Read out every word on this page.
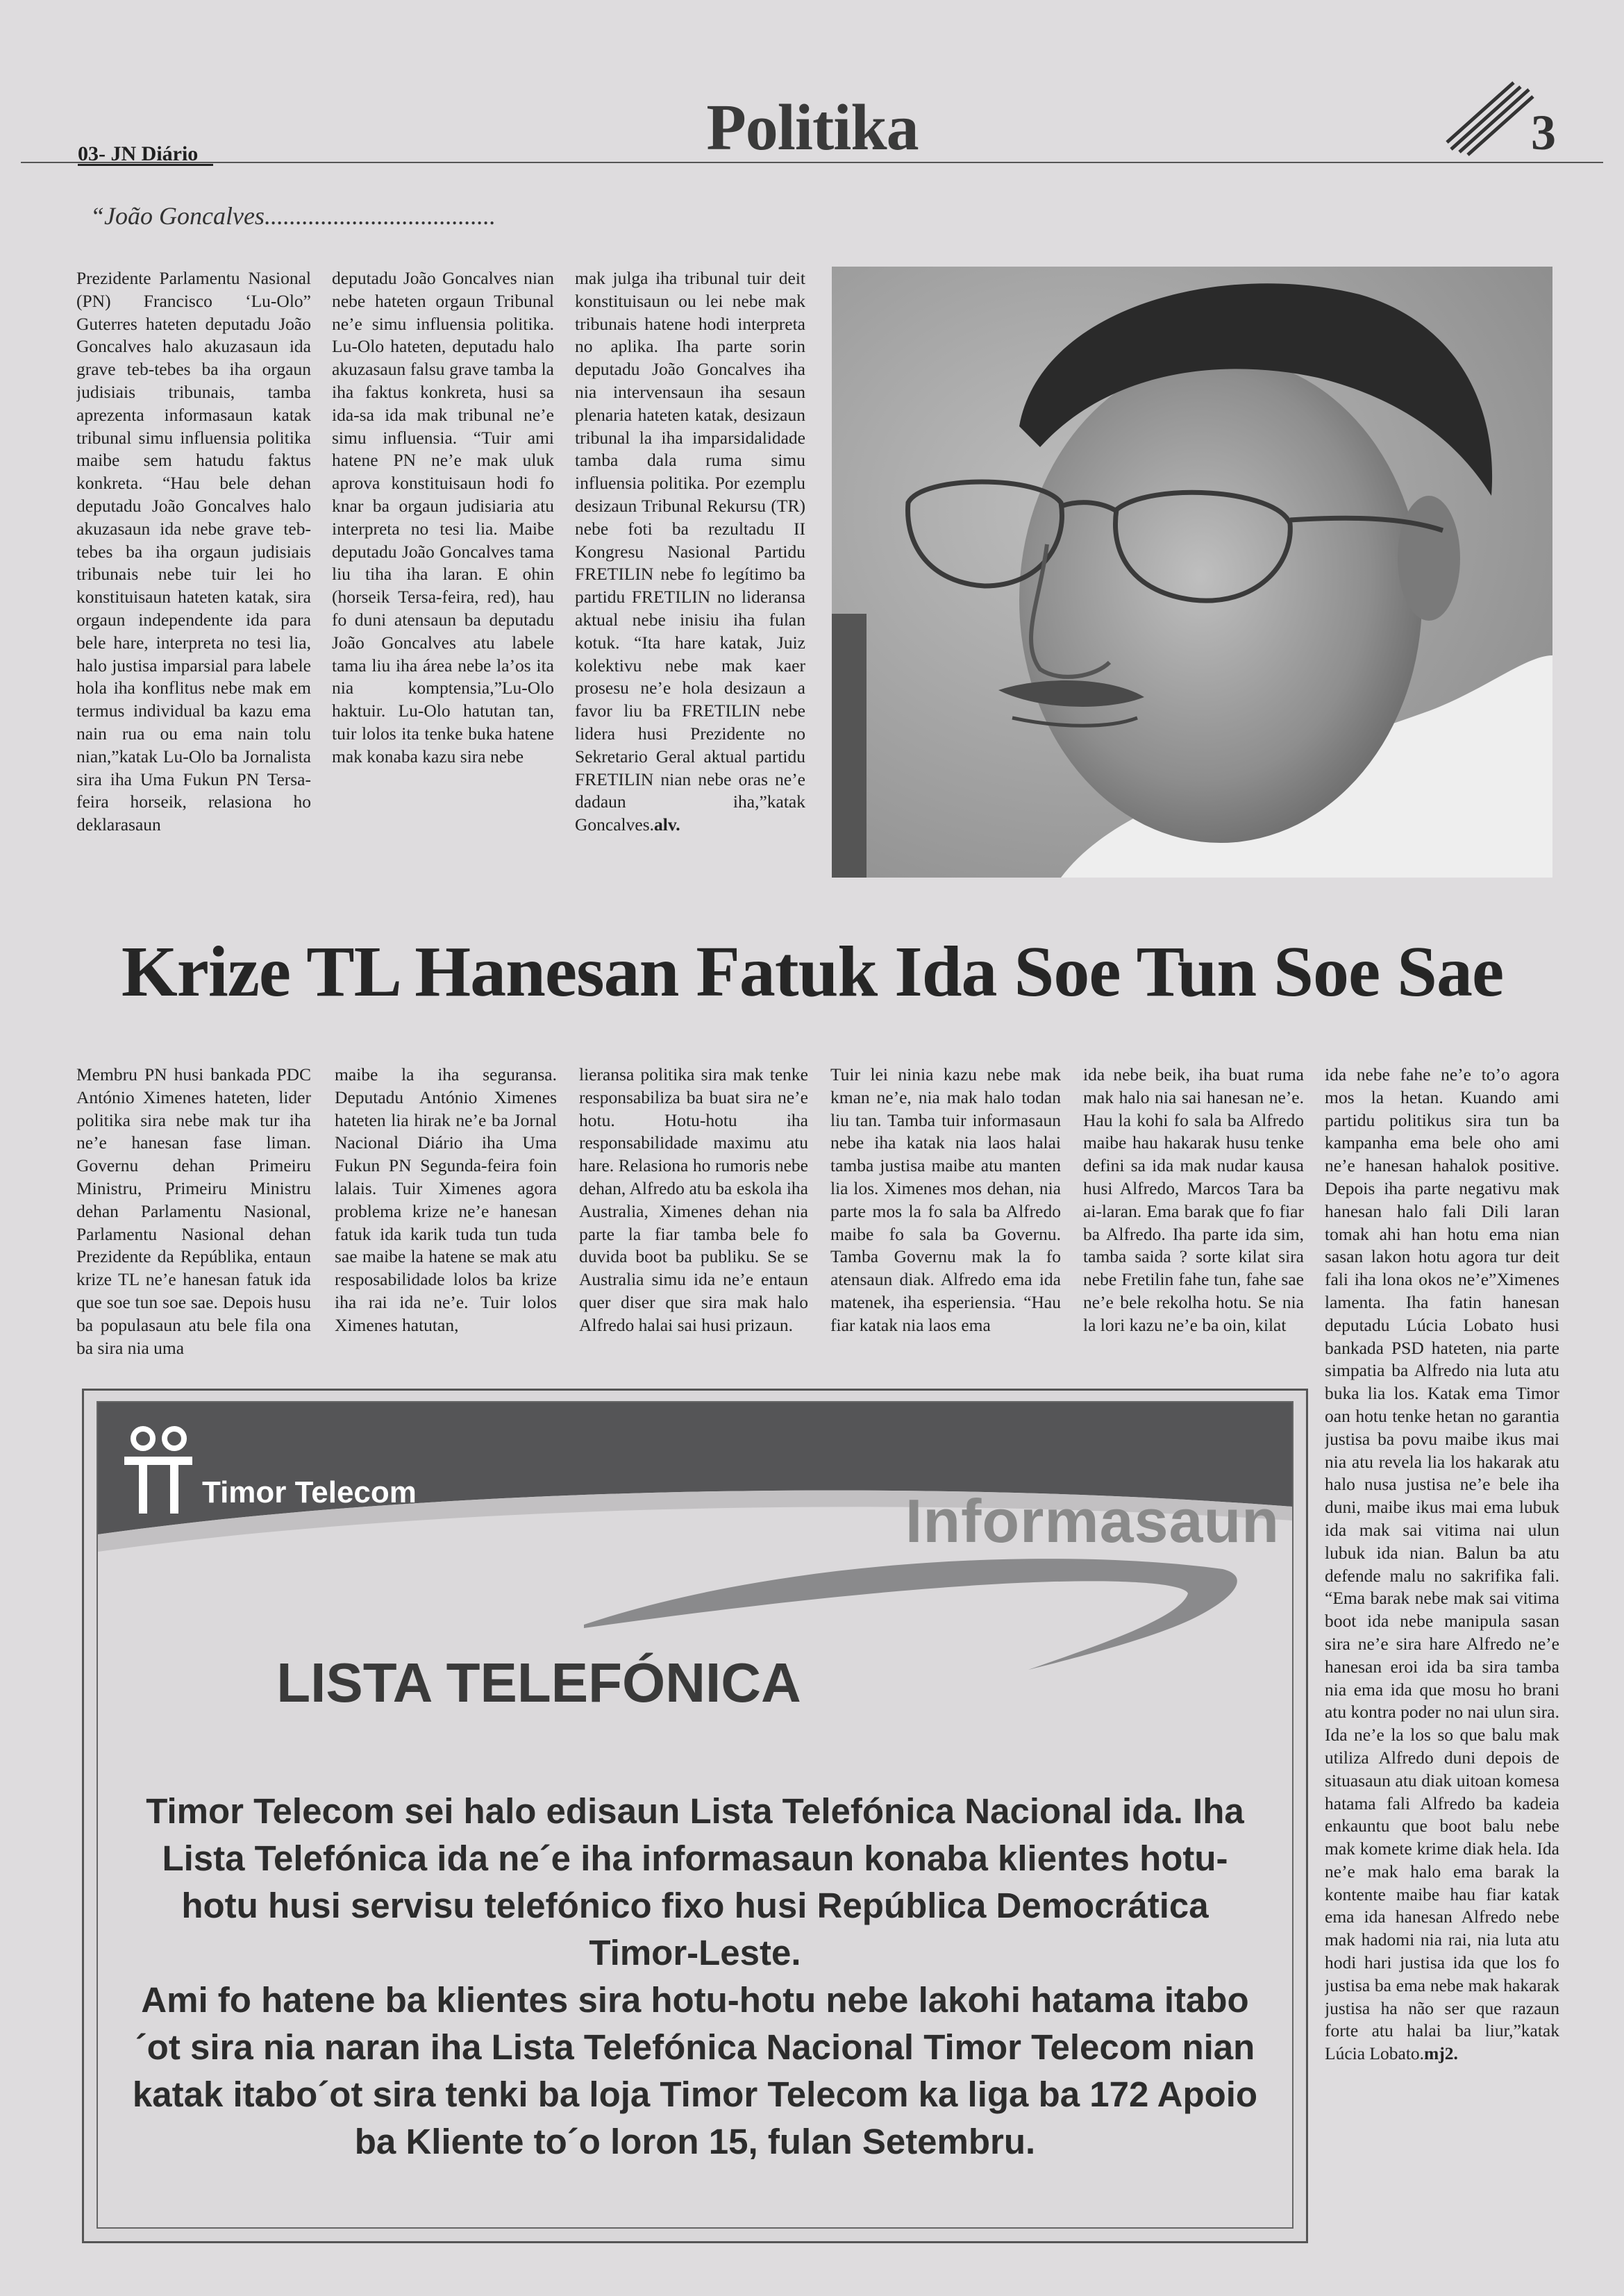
03- JN Diário	Politika	3
“João Goncalves.....................................

Prezidente Parlamentu Nasional (PN) Francisco ‘Lu-Olo” Guterres hateten deputadu João Goncalves halo akuzasaun ida grave teb-tebes ba iha orgaun judisiais tribunais, tamba aprezenta informasaun katak tribunal simu influensia politika maibe sem hatudu faktus konkreta. “Hau bele dehan deputadu João Goncalves halo akuzasaun ida nebe grave teb-tebes ba iha orgaun judisiais tribunais nebe tuir lei ho konstituisaun hateten katak, sira orgaun independente ida para bele hare, interpreta no tesi lia, halo justisa imparsial para labele hola iha konflitus nebe mak em termus individual ba kazu ema nain rua ou ema nain tolu nian,”katak Lu-Olo ba Jornalista sira iha Uma Fukun PN Tersa-feira horseik, relasiona ho deklarasaun

deputadu João Goncalves nian nebe hateten orgaun Tribunal ne’e simu influensia politika. Lu-Olo hateten, deputadu halo akuzasaun falsu grave tamba la iha faktus konkreta, husi sa ida-sa ida mak tribunal ne’e simu influensia. “Tuir ami hatene PN ne’e mak uluk aprova konstituisaun hodi fo knar ba orgaun judisiaria atu interpreta no tesi lia. Maibe deputadu João Goncalves tama liu tiha iha laran. E ohin (horseik Tersa-feira, red), hau fo duni atensaun ba deputadu João Goncalves atu labele tama liu iha área nebe la’os ita nia komptensia,”Lu-Olo haktuir. Lu-Olo hatutan tan, tuir lolos ita tenke buka hatene mak konaba kazu sira nebe

mak julga iha tribunal tuir deit konstituisaun ou lei nebe mak tribunais hatene hodi interpreta no aplika. Iha parte sorin deputadu João Goncalves iha nia intervensaun iha sesaun plenaria hateten katak, desizaun tribunal la iha imparsidalidade tamba dala ruma simu influensia politika. Por ezemplu desizaun Tribunal Rekursu (TR) nebe foti ba rezultadu II Kongresu Nasional Partidu FRETILIN nebe fo legítimo ba partidu FRETILIN no lideransa aktual nebe inisiu iha fulan kotuk. “Ita hare katak, Juiz kolektivu nebe mak kaer prosesu ne’e hola desizaun a favor liu ba FRETILIN nebe lidera husi Prezidente no Sekretario Geral aktual partidu FRETILIN nian nebe oras ne’e dadaun iha,”katak Goncalves.alv.

Krize TL Hanesan Fatuk Ida Soe Tun Soe Sae

Membru PN husi bankada PDC António Ximenes hateten, lider politika sira nebe mak tur iha ne’e hanesan fase liman. Governu dehan Primeiru Ministru, Primeiru Ministru dehan Parlamentu Nasional, Parlamentu Nasional dehan Prezidente da Repúblika, entaun krize TL ne’e hanesan fatuk ida que soe tun soe sae. Depois husu ba populasaun atu bele fila ona ba sira nia uma

maibe la iha seguransa. Deputadu António Ximenes hateten lia hirak ne’e ba Jornal Nacional Diário iha Uma Fukun PN Segunda-feira foin lalais. Tuir Ximenes agora problema krize ne’e hanesan fatuk ida karik tuda tun tuda sae maibe la hatene se mak atu resposabilidade lolos ba krize iha rai ida ne’e. Tuir lolos Ximenes hatutan,

lieransa politika sira mak tenke responsabiliza ba buat sira ne’e hotu. Hotu-hotu iha responsabilidade maximu atu hare. Relasiona ho rumoris nebe dehan, Alfredo atu ba eskola iha Australia, Ximenes dehan nia parte la fiar tamba bele fo duvida boot ba publiku. Se se Australia simu ida ne’e entaun quer diser que sira mak halo Alfredo halai sai husi prizaun.

Tuir lei ninia kazu nebe mak kman ne’e, nia mak halo todan liu tan. Tamba tuir informasaun nebe iha katak nia laos halai tamba justisa maibe atu manten lia los. Ximenes mos dehan, nia parte mos la fo sala ba Alfredo maibe fo sala ba Governu. Tamba Governu mak la fo atensaun diak. Alfredo ema ida matenek, iha esperiensia. “Hau fiar katak nia laos ema

ida nebe beik, iha buat ruma mak halo nia sai hanesan ne’e. Hau la kohi fo sala ba Alfredo maibe hau hakarak husu tenke defini sa ida mak nudar kausa husi Alfredo, Marcos Tara ba ai-laran. Ema barak que fo fiar ba Alfredo. Iha parte ida sim, tamba saida ? sorte kilat sira nebe Fretilin fahe tun, fahe sae ne’e bele rekolha hotu. Se nia la lori kazu ne’e ba oin, kilat

ida nebe fahe ne’e to’o agora mos la hetan. Kuando ami partidu politikus sira tun ba kampanha ema bele oho ami ne’e hanesan hahalok positive. Depois iha parte negativu mak hanesan halo fali Dili laran tomak ahi han hotu ema nian sasan lakon hotu agora tur deit fali iha lona okos ne’e”Ximenes lamenta. Iha fatin hanesan deputadu Lúcia Lobato husi bankada PSD hateten, nia parte simpatia ba Alfredo nia luta atu buka lia los. Katak ema Timor oan hotu tenke hetan no garantia justisa ba povu maibe ikus mai nia atu revela lia los hakarak atu halo nusa justisa ne’e bele iha duni, maibe ikus mai ema lubuk ida mak sai vitima nai ulun lubuk ida nian. Balun ba atu defende malu no sakrifika fali. “Ema barak nebe mak sai vitima boot ida nebe manipula sasan sira ne’e sira hare Alfredo ne’e hanesan eroi ida ba sira tamba nia ema ida que mosu ho brani atu kontra poder no nai ulun sira. Ida ne’e la los so que balu mak utiliza Alfredo duni depois de situasaun atu diak uitoan komesa hatama fali Alfredo ba kadeia enkauntu que boot balu nebe mak komete krime diak hela. Ida ne’e mak halo ema barak la kontente maibe hau fiar katak ema ida hanesan Alfredo nebe mak hadomi nia rai, nia luta atu hodi hari justisa ida que los fo justisa ba ema nebe mak hakarak justisa ha não ser que razaun forte atu halai ba liur,”katak Lúcia Lobato.mj2.

Timor Telecom	Informasaun
LISTA TELEFÓNICA

Timor Telecom sei halo edisaun Lista Telefónica Nacional ida. Iha Lista Telefónica ida ne´e iha informasaun konaba klientes hotu- hotu husi servisu telefónico fixo husi República Democrática Timor-Leste.

Ami fo hatene ba klientes sira hotu-hotu nebe lakohi hatama itabo´ot sira nia naran iha Lista Telefónica Nacional Timor Telecom nian katak itabo´ot sira tenki ba loja Timor Telecom ka liga ba 172 Apoio ba Kliente to´o loron 15, fulan Setembru.
